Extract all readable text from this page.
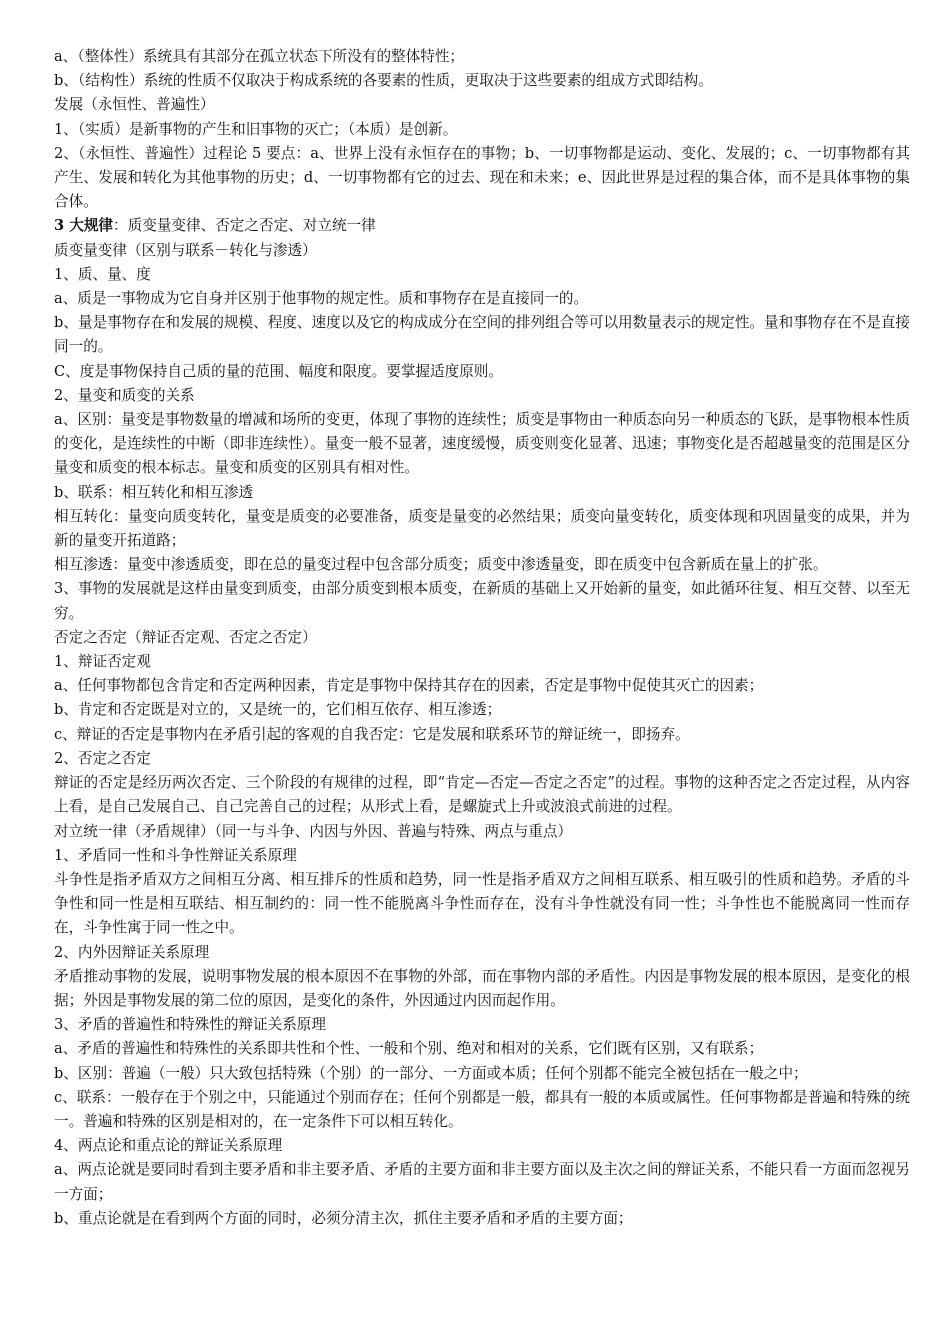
a、（整体性）系统具有其部分在孤立状态下所没有的整体特性；

b、（结构性）系统的性质不仅取决于构成系统的各要素的性质，更取决于这些要素的组成方式即结构。

发展（永恒性、普遍性）

1、（实质）是新事物的产生和旧事物的灭亡；（本质）是创新。

2、（永恒性、普遍性）过程论 5 要点：a、世界上没有永恒存在的事物；b、一切事物都是运动、变化、发展的；c、一切事物都有其产生、发展和转化为其他事物的历史；d、一切事物都有它的过去、现在和未来；e、因此世界是过程的集合体，而不是具体事物的集合体。

3 大规律：质变量变律、否定之否定、对立统一律

质变量变律（区别与联系－转化与渗透）

1、质、量、度

a、质是一事物成为它自身并区别于他事物的规定性。质和事物存在是直接同一的。

b、量是事物存在和发展的规模、程度、速度以及它的构成成分在空间的排列组合等可以用数量表示的规定性。量和事物存在不是直接同一的。

C、度是事物保持自己质的量的范围、幅度和限度。要掌握适度原则。

2、量变和质变的关系

a、区别：量变是事物数量的增减和场所的变更，体现了事物的连续性；质变是事物由一种质态向另一种质态的飞跃，是事物根本性质的变化，是连续性的中断（即非连续性）。量变一般不显著，速度缓慢，质变则变化显著、迅速；事物变化是否超越量变的范围是区分量变和质变的根本标志。量变和质变的区别具有相对性。

b、联系：相互转化和相互渗透

相互转化：量变向质变转化，量变是质变的必要准备，质变是量变的必然结果；质变向量变转化，质变体现和巩固量变的成果，并为新的量变开拓道路；

相互渗透：量变中渗透质变，即在总的量变过程中包含部分质变；质变中渗透量变，即在质变中包含新质在量上的扩张。

3、事物的发展就是这样由量变到质变，由部分质变到根本质变，在新质的基础上又开始新的量变，如此循环往复、相互交替、以至无穷。

否定之否定（辩证否定观、否定之否定）

1、辩证否定观

a、任何事物都包含肯定和否定两种因素，肯定是事物中保持其存在的因素，否定是事物中促使其灭亡的因素；

b、肯定和否定既是对立的，又是统一的，它们相互依存、相互渗透；

c、辩证的否定是事物内在矛盾引起的客观的自我否定：它是发展和联系环节的辩证统一，即扬弃。

2、否定之否定

辩证的否定是经历两次否定、三个阶段的有规律的过程，即“肯定—否定—否定之否定”的过程。事物的这种否定之否定过程，从内容上看，是自己发展自己、自己完善自己的过程；从形式上看，是螺旋式上升或波浪式前进的过程。

对立统一律（矛盾规律）（同一与斗争、内因与外因、普遍与特殊、两点与重点）

1、矛盾同一性和斗争性辩证关系原理

斗争性是指矛盾双方之间相互分离、相互排斥的性质和趋势，同一性是指矛盾双方之间相互联系、相互吸引的性质和趋势。矛盾的斗争性和同一性是相互联结、相互制约的：同一性不能脱离斗争性而存在，没有斗争性就没有同一性；斗争性也不能脱离同一性而存在，斗争性寓于同一性之中。

2、内外因辩证关系原理

矛盾推动事物的发展，说明事物发展的根本原因不在事物的外部，而在事物内部的矛盾性。内因是事物发展的根本原因，是变化的根据；外因是事物发展的第二位的原因，是变化的条件，外因通过内因而起作用。

3、矛盾的普遍性和特殊性的辩证关系原理

a、矛盾的普遍性和特殊性的关系即共性和个性、一般和个别、绝对和相对的关系，它们既有区别，又有联系；

b、区别：普遍（一般）只大致包括特殊（个别）的一部分、一方面或本质；任何个别都不能完全被包括在一般之中；

c、联系：一般存在于个别之中，只能通过个别而存在；任何个别都是一般，都具有一般的本质或属性。任何事物都是普遍和特殊的统一。普遍和特殊的区别是相对的，在一定条件下可以相互转化。

4、两点论和重点论的辩证关系原理

a、两点论就是要同时看到主要矛盾和非主要矛盾、矛盾的主要方面和非主要方面以及主次之间的辩证关系，不能只看一方面而忽视另一方面；

b、重点论就是在看到两个方面的同时，必须分清主次，抓住主要矛盾和矛盾的主要方面；
